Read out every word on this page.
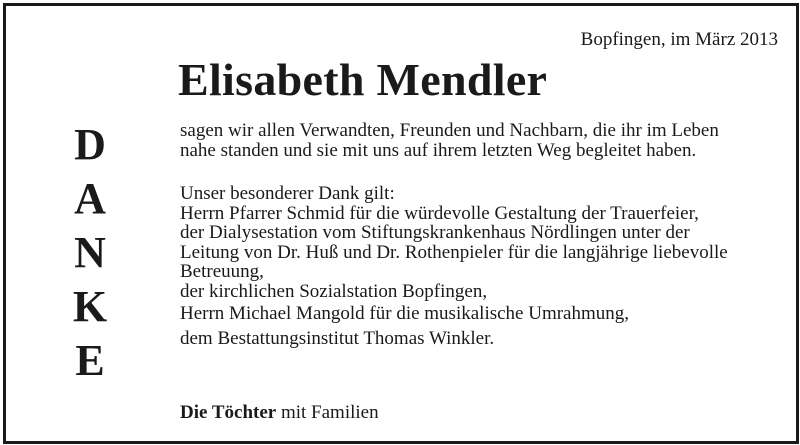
Bopfingen, im März 2013
Elisabeth Mendler
D
A
N
K
E
sagen wir allen Verwandten, Freunden und Nachbarn, die ihr im Leben
nahe standen und sie mit uns auf ihrem letzten Weg begleitet haben.
Unser besonderer Dank gilt:
Herrn Pfarrer Schmid für die würdevolle Gestaltung der Trauerfeier,
der Dialysestation vom Stiftungskrankenhaus Nördlingen unter der
Leitung von Dr. Huß und Dr. Rothenpieler für die langjährige liebevolle
Betreuung,
der kirchlichen Sozialstation Bopfingen,
Herrn Michael Mangold für die musikalische Umrahmung,
dem Bestattungsinstitut Thomas Winkler.
Die Töchter mit Familien
